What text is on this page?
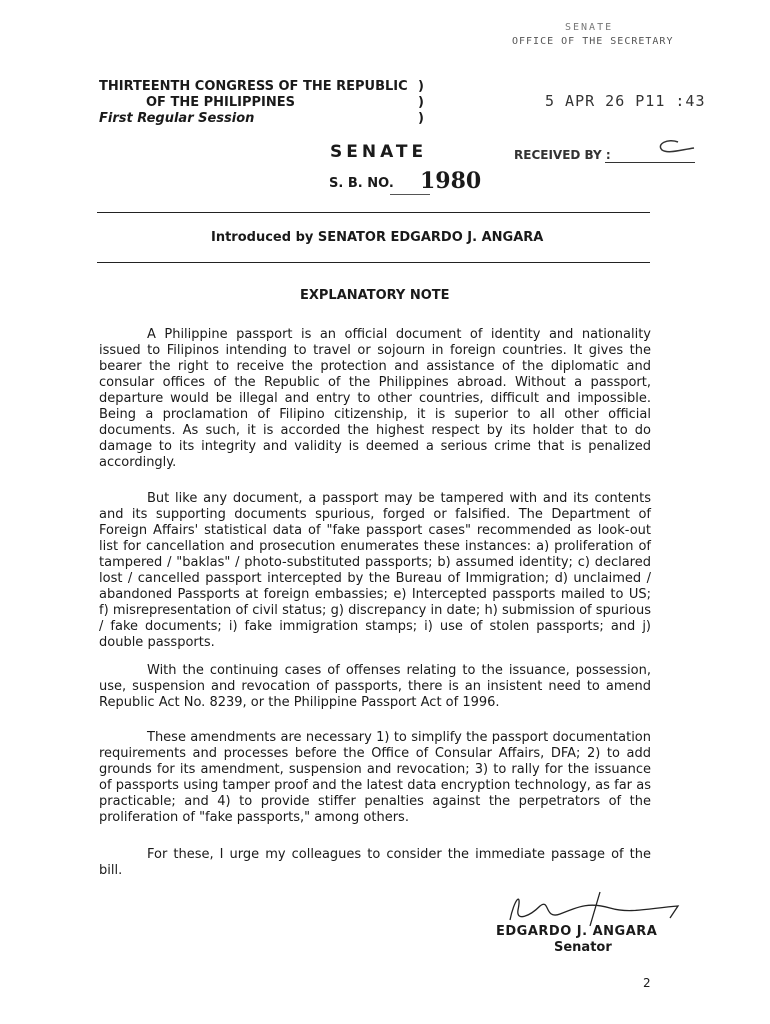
SENATE
OFFICE OF THE SECRETARY
5 APR 26 P11 :43
RECEIVED BY :
THIRTEENTH CONGRESS OF THE REPUBLIC
OF THE PHILIPPINES
First Regular Session
)
)
)
SENATE
S. B. NO. 1980
Introduced by SENATOR EDGARDO J. ANGARA
EXPLANATORY NOTE

A Philippine passport is an official document of identity and nationality issued to Filipinos intending to travel or sojourn in foreign countries. It gives the bearer the right to receive the protection and assistance of the diplomatic and consular offices of the Republic of the Philippines abroad. Without a passport, departure would be illegal and entry to other countries, difficult and impossible. Being a proclamation of Filipino citizenship, it is superior to all other official documents. As such, it is accorded the highest respect by its holder that to do damage to its integrity and validity is deemed a serious crime that is penalized accordingly.

But like any document, a passport may be tampered with and its contents and its supporting documents spurious, forged or falsified. The Department of Foreign Affairs' statistical data of "fake passport cases" recommended as look-out list for cancellation and prosecution enumerates these instances: a) proliferation of tampered / "baklas" / photo-substituted passports; b) assumed identity; c) declared lost / cancelled passport intercepted by the Bureau of Immigration; d) unclaimed / abandoned Passports at foreign embassies; e) Intercepted passports mailed to US; f) misrepresentation of civil status; g) discrepancy in date; h) submission of spurious / fake documents; i) fake immigration stamps; i) use of stolen passports; and j) double passports.

With the continuing cases of offenses relating to the issuance, possession, use, suspension and revocation of passports, there is an insistent need to amend Republic Act No. 8239, or the Philippine Passport Act of 1996.

These amendments are necessary 1) to simplify the passport documentation requirements and processes before the Office of Consular Affairs, DFA; 2) to add grounds for its amendment, suspension and revocation; 3) to rally for the issuance of passports using tamper proof and the latest data encryption technology, as far as practicable; and 4) to provide stiffer penalties against the perpetrators of the proliferation of "fake passports," among others.

For these, I urge my colleagues to consider the immediate passage of the bill.

EDGARDO J. ANGARA
Senator
2
